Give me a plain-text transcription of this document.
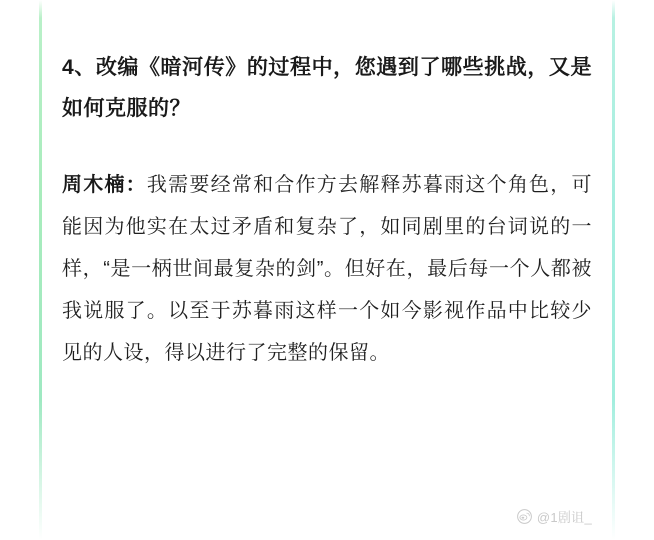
4、改编《暗河传》的过程中，您遇到了哪些挑战，又是如何克服的？

周木楠：我需要经常和合作方去解释苏暮雨这个角色，可能因为他实在太过矛盾和复杂了，如同剧里的台词说的一样，“是一柄世间最复杂的剑”。但好在，最后每一个人都被我说服了。以至于苏暮雨这样一个如今影视作品中比较少见的人设，得以进行了完整的保留。

@1剧诅_
